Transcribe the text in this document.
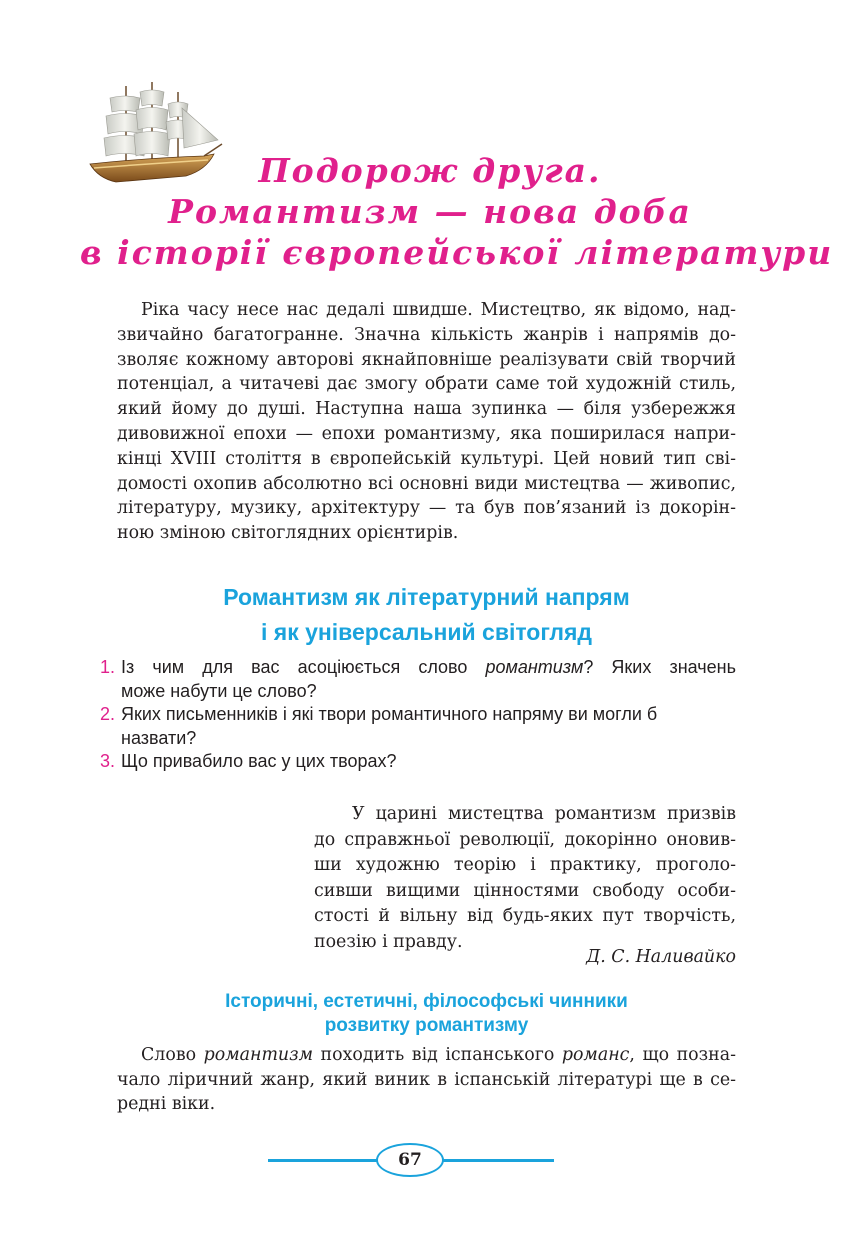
Подорож друга.
Романтизм — нова доба
в історії європейської літератури
Ріка часу несе нас дедалі швидше. Мистецтво, як відомо, над-
звичайно багатогранне. Значна кількість жанрів і напрямів до-
зволяє кожному авторові якнайповніше реалізувати свій творчий
потенціал, а читачеві дає змогу обрати саме той художній стиль,
який йому до душі. Наступна наша зупинка — біля узбережжя
дивовижної епохи — епохи романтизму, яка поширилася напри-
кінці XVIII століття в європейській культурі. Цей новий тип сві-
домості охопив абсолютно всі основні види мистецтва — живопис,
літературу, музику, архітектуру — та був пов’язаний із докорін-
ною зміною світоглядних орієнтирів.
Романтизм як літературний напрям
і як універсальний світогляд
1. Із чим для вас асоціюється слово романтизм? Яких значень
може набути це слово?
2. Яких письменників і які твори романтичного напряму ви могли б
назвати?
3. Що привабило вас у цих творах?
У царині мистецтва романтизм призвів
до справжньої революції, докорінно оновив-
ши художню теорію і практику, проголо-
сивши вищими цінностями свободу особи-
стості й вільну від будь-яких пут творчість,
поезію і правду.
Д. С. Наливайко
Історичні, естетичні, філософські чинники
розвитку романтизму
Слово романтизм походить від іспанського романс, що позна-
чало ліричний жанр, який виник в іспанській літературі ще в се-
редні віки.
67
